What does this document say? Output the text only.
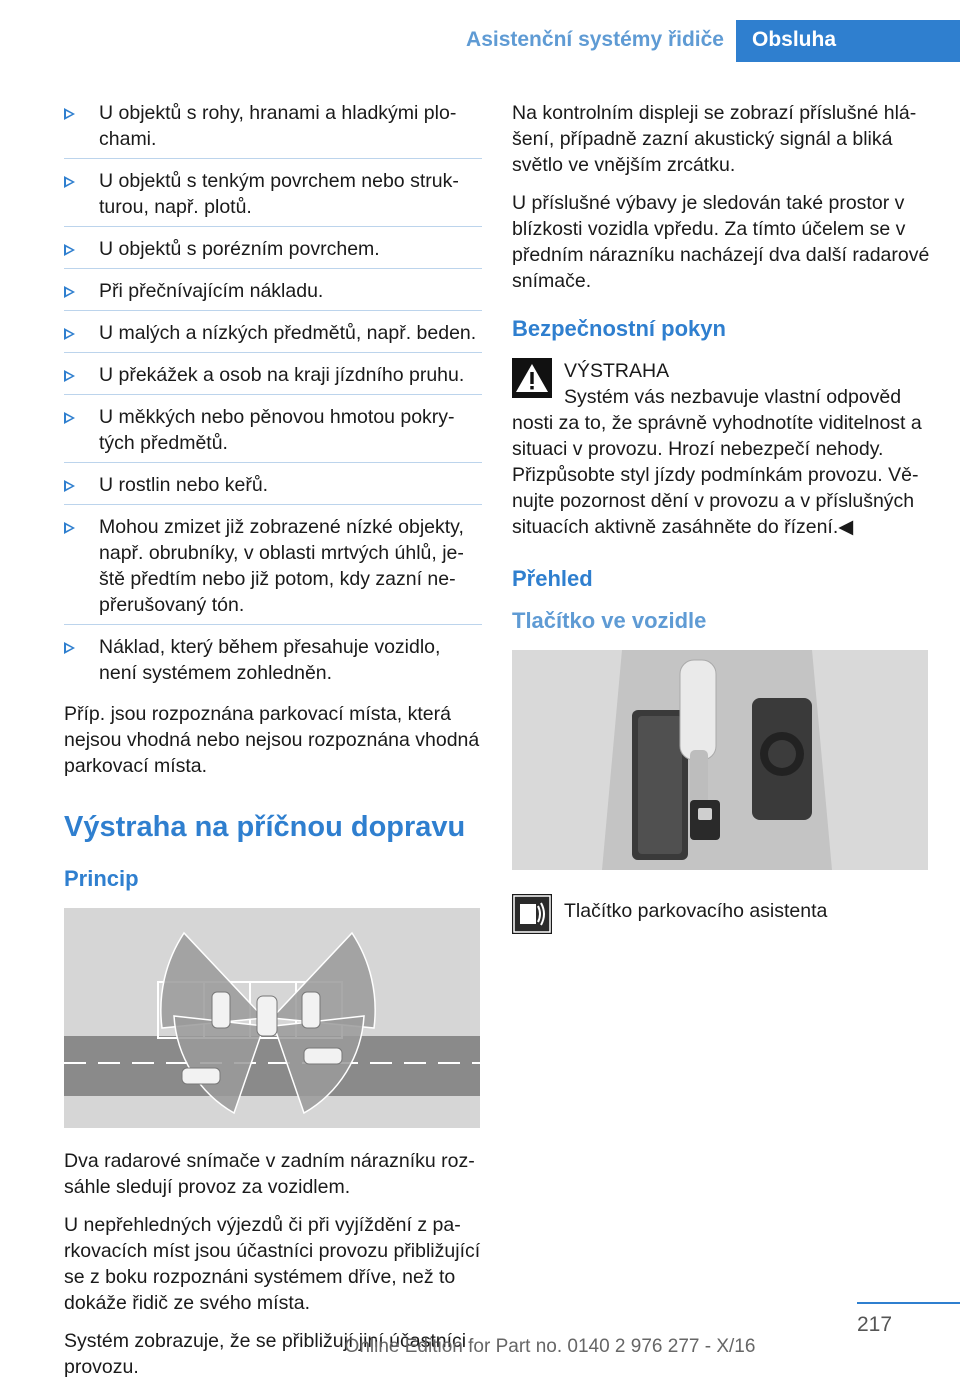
Asistenční systémy řidiče	Obsluha
U objektů s rohy, hranami a hladkými plochami.
U objektů s tenkým povrchem nebo strukturou, např. plotů.
U objektů s porézním povrchem.
Při přečnívajícím nákladu.
U malých a nízkých předmětů, např. beden.
U překážek a osob na kraji jízdního pruhu.
U měkkých nebo pěnovou hmotou pokrytých předmětů.
U rostlin nebo keřů.
Mohou zmizet již zobrazené nízké objekty, např. obrubníky, v oblasti mrtvých úhlů, ještě předtím nebo již potom, kdy zazní nepřerušovaný tón.
Náklad, který během přesahuje vozidlo, není systémem zohledněn.

Příp. jsou rozpoznána parkovací místa, která nejsou vhodná nebo nejsou rozpoznána vhodná parkovací místa.

Výstraha na příčnou dopravu
Princip

Dva radarové snímače v zadním nárazníku rozsáhle sledují provoz za vozidlem.

U nepřehledných výjezdů či při vyjíždění z parkovacích míst jsou účastníci provozu přibližující se z boku rozpoznáni systémem dříve, než to dokáže řidič ze svého místa.

Systém zobrazuje, že se přibližují jiní účastníci provozu.

Na kontrolním displeji se zobrazí příslušné hlášení, případně zazní akustický signál a bliká světlo ve vnějším zrcátku.

U příslušné výbavy je sledován také prostor v blízkosti vozidla vpředu. Za tímto účelem se v předním nárazníku nacházejí dva další radarové snímače.

Bezpečnostní pokyn
VÝSTRAHA
Systém vás nezbavuje vlastní odpověd
nosti za to, že správně vyhodnotíte viditelnost a situaci v provozu. Hrozí nebezpečí nehody. Přizpůsobte styl jízdy podmínkám provozu. Věnujte pozornost dění v provozu a v příslušných situacích aktivně zasáhněte do řízení.◀
Přehled
Tlačítko ve vozidle
Tlačítko parkovacího asistenta
217
Online Edition for Part no. 0140 2 976 277 - X/16
